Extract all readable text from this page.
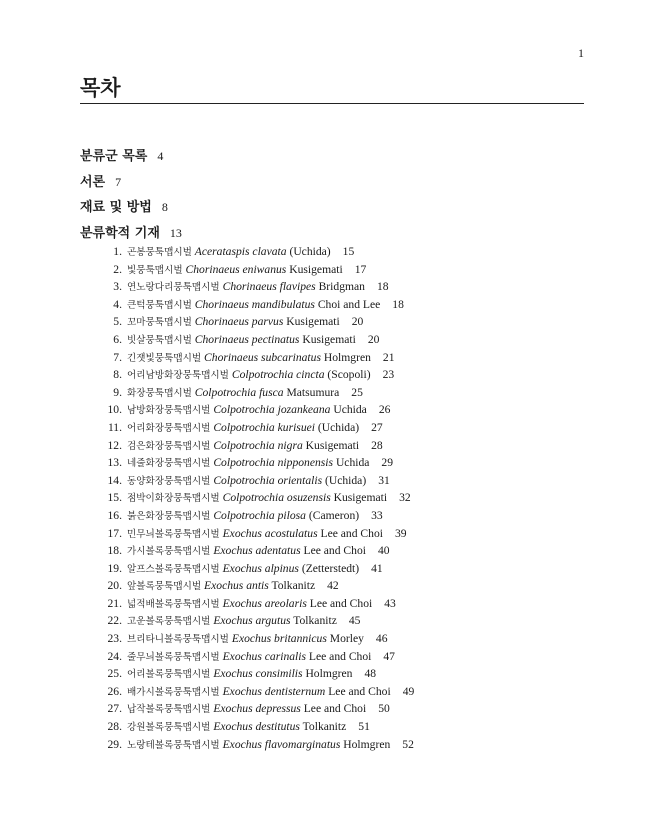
1
목차
분류군 목록 4
서론 7
재료 및 방법 8
분류학적 기재 13
1. 곤봉뭉툭맵시벌 Acerataspis clavata (Uchida) 15
2. 빛뭉툭맵시벌 Chorinaeus eniwanus Kusigemati 17
3. 연노랑다리뭉툭맵시벌 Chorinaeus flavipes Bridgman 18
4. 큰턱뭉툭맵시벌 Chorinaeus mandibulatus Choi and Lee 18
5. 꼬마뭉툭맵시벌 Chorinaeus parvus Kusigemati 20
6. 빗살뭉툭맵시벌 Chorinaeus pectinatus Kusigemati 20
7. 긴잿빛뭉툭맵시벌 Chorinaeus subcarinatus Holmgren 21
8. 어리남방화장뭉툭맵시벌 Colpotrochia cincta (Scopoli) 23
9. 화장뭉툭맵시벌 Colpotrochia fusca Matsumura 25
10. 남방화장뭉툭맵시벌 Colpotrochia jozankeana Uchida 26
11. 어리화장뭉툭맵시벌 Colpotrochia kurisuei (Uchida) 27
12. 검은화장뭉툭맵시벌 Colpotrochia nigra Kusigemati 28
13. 네줄화장뭉툭맵시벌 Colpotrochia nipponensis Uchida 29
14. 동양화장뭉툭맵시벌 Colpotrochia orientalis (Uchida) 31
15. 점박이화장뭉툭맵시벌 Colpotrochia osuzensis Kusigemati 32
16. 붉은화장뭉툭맵시벌 Colpotrochia pilosa (Cameron) 33
17. 민무늬볼록뭉툭맵시벌 Exochus acostulatus Lee and Choi 39
18. 가시볼록뭉툭맵시벌 Exochus adentatus Lee and Choi 40
19. 알프스볼록뭉툭맵시벌 Exochus alpinus (Zetterstedt) 41
20. 앞볼록뭉툭맵시벌 Exochus antis Tolkanitz 42
21. 넓적배볼록뭉툭맵시벌 Exochus areolaris Lee and Choi 43
22. 고운볼록뭉툭맵시벌 Exochus argutus Tolkanitz 45
23. 브리타니볼록뭉툭맵시벌 Exochus britannicus Morley 46
24. 줄무늬볼록뭉툭맵시벌 Exochus carinalis Lee and Choi 47
25. 어리볼록뭉툭맵시벌 Exochus consimilis Holmgren 48
26. 배가시볼록뭉툭맵시벌 Exochus dentisternum Lee and Choi 49
27. 납작볼록뭉툭맵시벌 Exochus depressus Lee and Choi 50
28. 강원볼록뭉툭맵시벌 Exochus destitutus Tolkanitz 51
29. 노랑테볼록뭉툭맵시벌 Exochus flavomarginatus Holmgren 52
